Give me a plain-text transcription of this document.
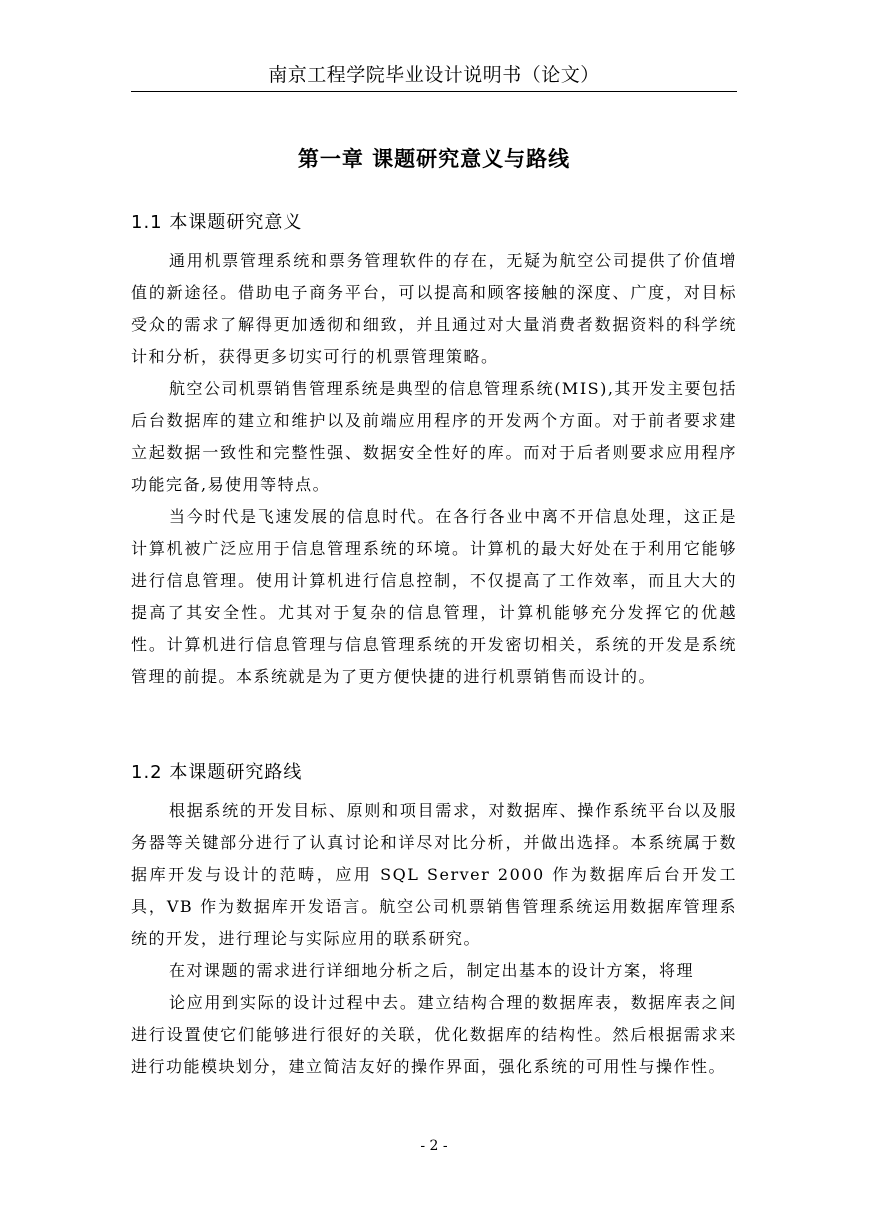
南京工程学院毕业设计说明书（论文）
第一章 课题研究意义与路线
1.1 本课题研究意义

通用机票管理系统和票务管理软件的存在，无疑为航空公司提供了价值增值的新途径。借助电子商务平台，可以提高和顾客接触的深度、广度，对目标受众的需求了解得更加透彻和细致，并且通过对大量消费者数据资料的科学统计和分析，获得更多切实可行的机票管理策略。

航空公司机票销售管理系统是典型的信息管理系统(MIS),其开发主要包括后台数据库的建立和维护以及前端应用程序的开发两个方面。对于前者要求建立起数据一致性和完整性强、数据安全性好的库。而对于后者则要求应用程序功能完备,易使用等特点。

当今时代是飞速发展的信息时代。在各行各业中离不开信息处理，这正是计算机被广泛应用于信息管理系统的环境。计算机的最大好处在于利用它能够进行信息管理。使用计算机进行信息控制，不仅提高了工作效率，而且大大的提高了其安全性。尤其对于复杂的信息管理，计算机能够充分发挥它的优越性。计算机进行信息管理与信息管理系统的开发密切相关，系统的开发是系统管理的前提。本系统就是为了更方便快捷的进行机票销售而设计的。

1.2 本课题研究路线

根据系统的开发目标、原则和项目需求，对数据库、操作系统平台以及服务器等关键部分进行了认真讨论和详尽对比分析，并做出选择。本系统属于数据库开发与设计的范畴，应用 SQL Server 2000 作为数据库后台开发工具，VB 作为数据库开发语言。航空公司机票销售管理系统运用数据库管理系统的开发，进行理论与实际应用的联系研究。

在对课题的需求进行详细地分析之后，制定出基本的设计方案，将理

论应用到实际的设计过程中去。建立结构合理的数据库表，数据库表之间进行设置使它们能够进行很好的关联，优化数据库的结构性。然后根据需求来进行功能模块划分，建立简洁友好的操作界面，强化系统的可用性与操作性。

- 2 -
